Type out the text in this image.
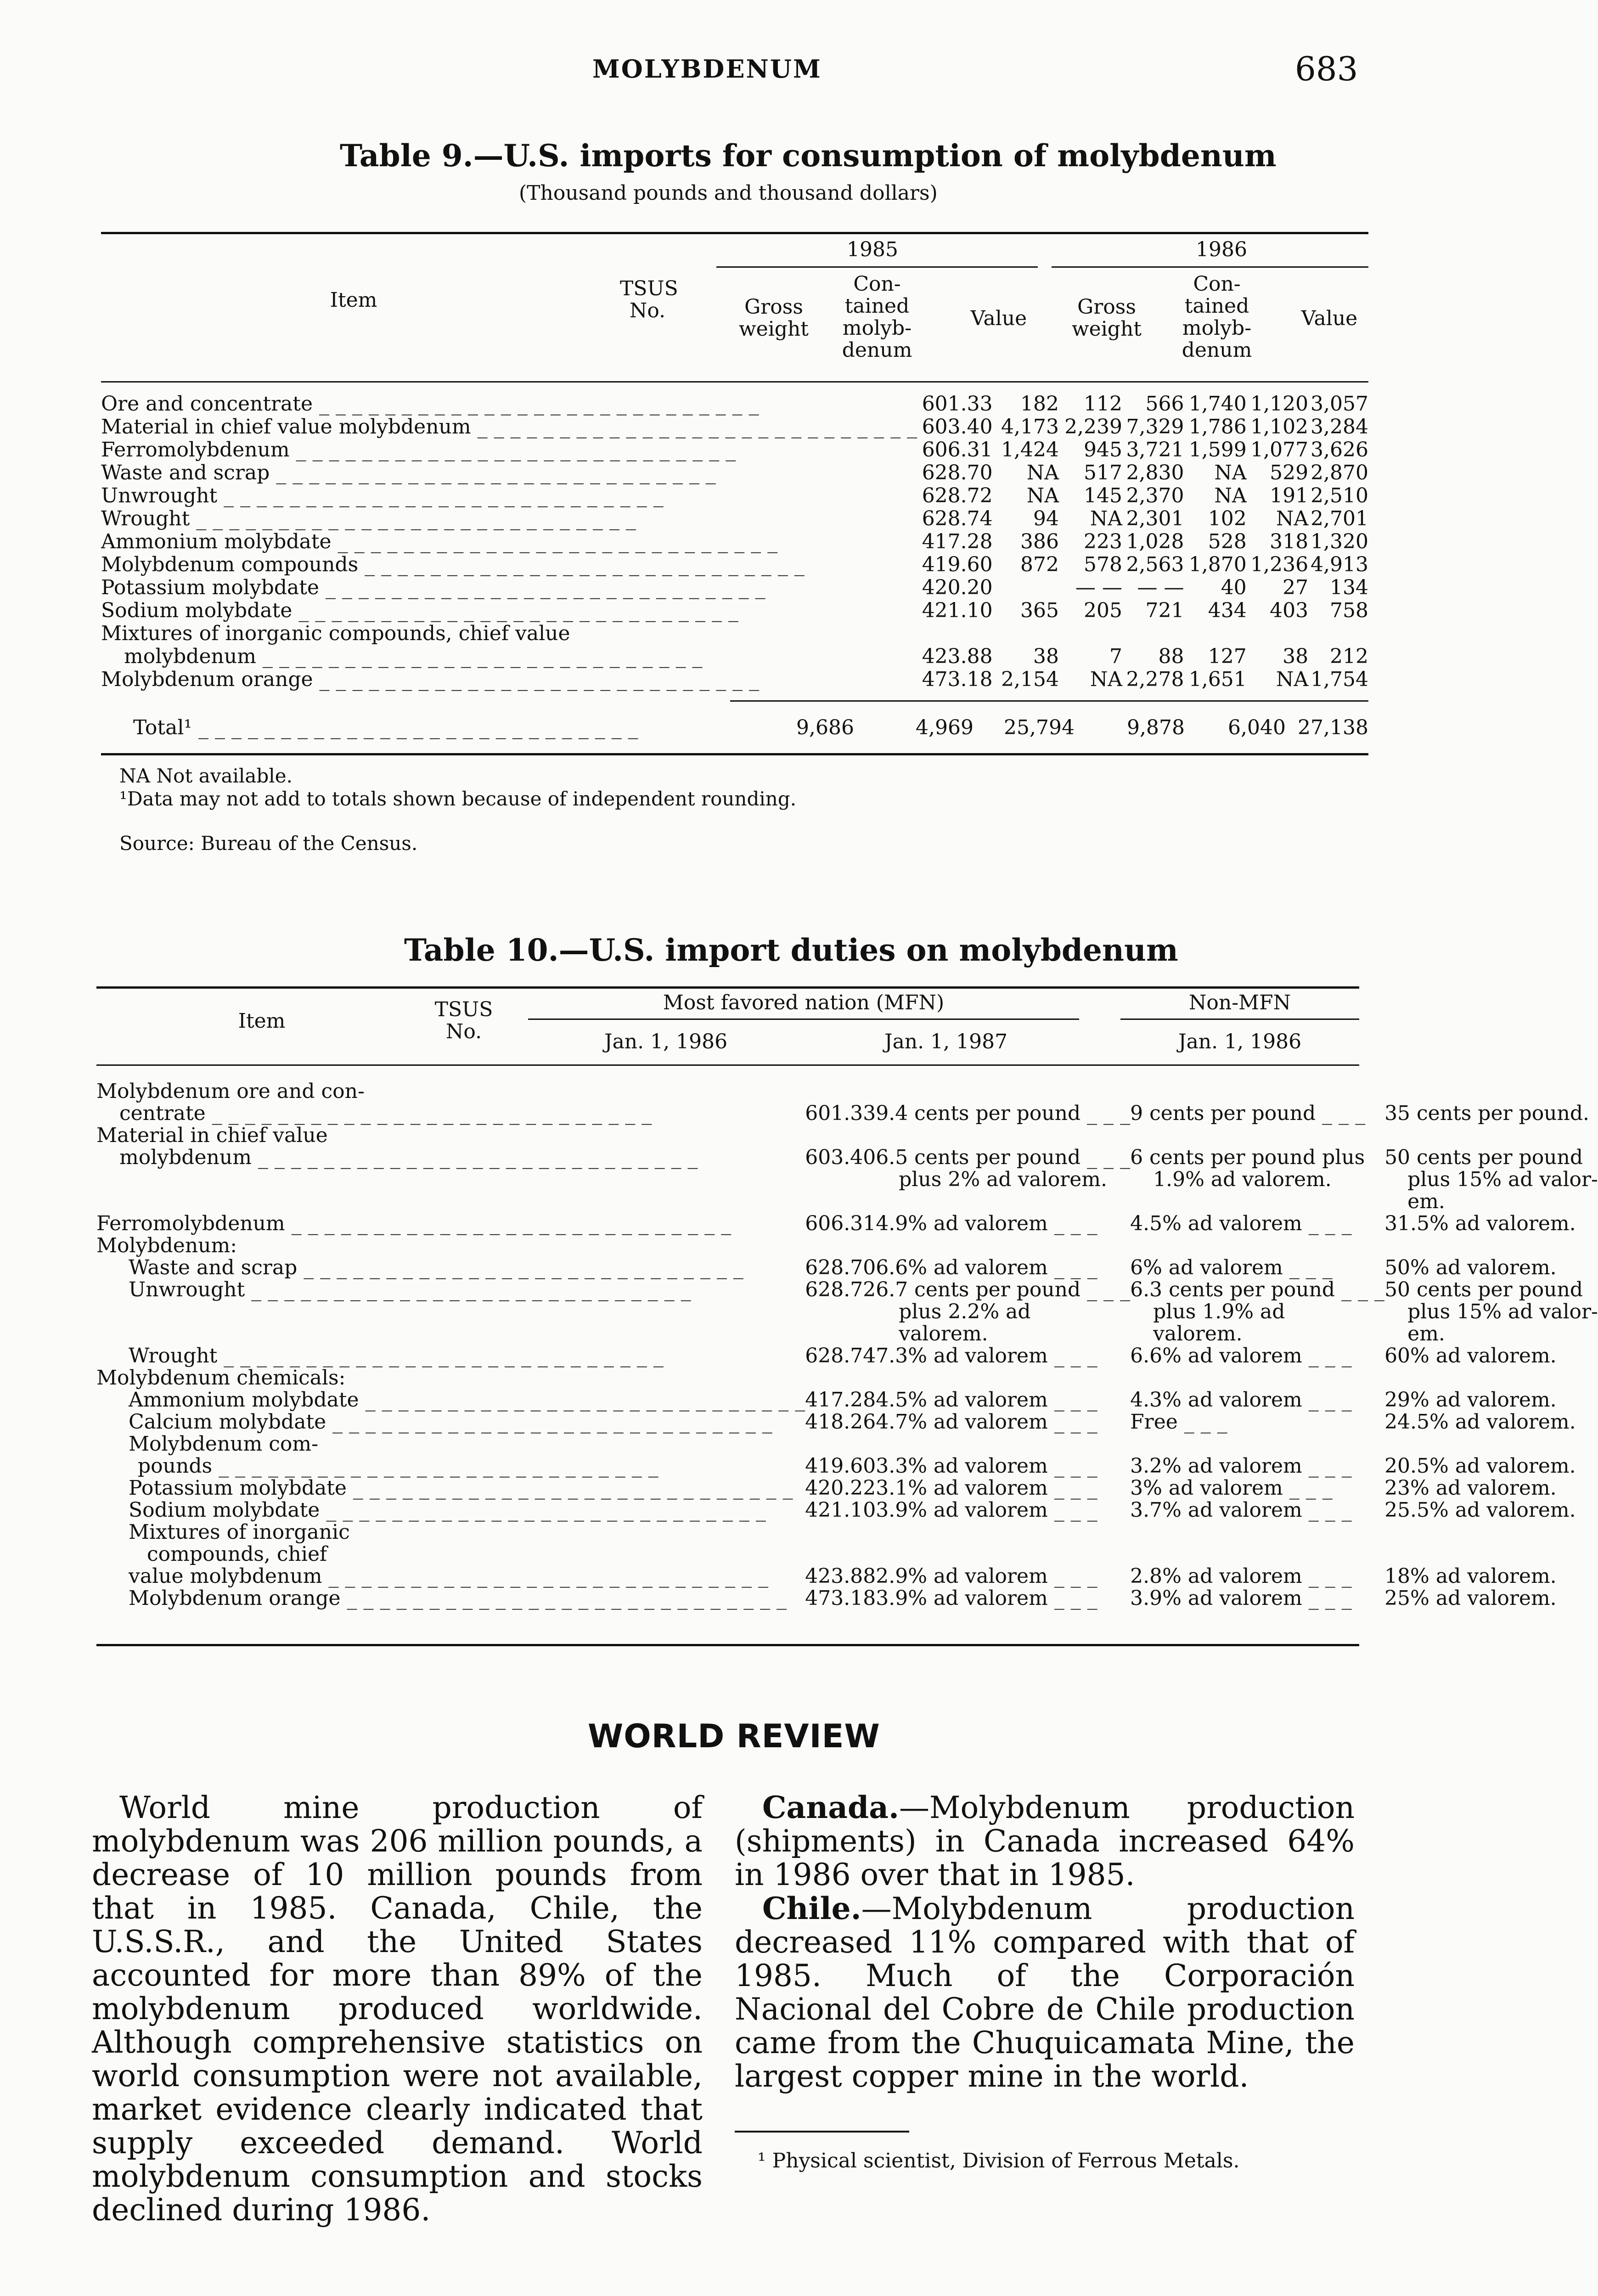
MOLYBDENUM	683
Table 9.—U.S. imports for consumption of molybdenum
(Thousand pounds and thousand dollars)
Item	TSUS No.
1985	1986
Gross weight
Con- tained molyb- denum
Value	Gross weight
Con- tained molyb- denum
Value
Ore and concentrate _ _ _	601.33	182	112	566	1,740	1,120	3,057
Material in chief value molybdenum _ _ _	603.40	4,173	2,239	7,329	1,786	1,102	3,284
Ferromolybdenum _ _ _	606.31	1,424	945	3,721	1,599	1,077	3,626
Waste and scrap _ _ _	628.70	NA	517	2,830	NA	529	2,870
Unwrought _ _ _	628.72	NA	145	2,370	NA	191	2,510
Wrought _ _ _	628.74	94	NA	2,301	102	NA	2,701
Ammonium molybdate _ _ _	417.28	386	223	1,028	528	318	1,320
Molybdenum compounds _ _ _	419.60	872	578	2,563	1,870	1,236	4,913
Potassium molybdate _ _ _	420.20		— —	— —	40	27	134
Sodium molybdate _ _ _	421.10	365	205	721	434	403	758
Mixtures of inorganic compounds, chief value							
molybdenum _ _ _	423.88	38	7	88	127	38	212
Molybdenum orange _ _ _	473.18	2,154	NA	2,278	1,651	NA	1,754
Total¹ _ _ _	9,686	4,969	25,794	9,878	6,040	27,138
NA Not available.
¹Data may not add to totals shown because of independent rounding.
Source: Bureau of the Census.
Table 10.—U.S. import duties on molybdenum
Item	TSUS No.
Most favored nation (MFN)	Non-MFN
Jan. 1, 1986	Jan. 1, 1987	Jan. 1, 1986
Molybdenum ore and con-					
centrate _ _ _	601.33		9.4 cents per pound _ _ _	9 cents per pound _ _ _	35 cents per pound.
Material in chief value					
molybdenum _ _ _	603.40		6.5 cents per pound _ _ _	6 cents per pound plus	50 cents per pound
			plus 2% ad valorem.	1.9% ad valorem.	plus 15% ad valor-
					em.
Ferromolybdenum _ _ _	606.31		4.9% ad valorem _ _ _	4.5% ad valorem _ _ _	31.5% ad valorem.
Molybdenum:					
Waste and scrap _ _ _	628.70		6.6% ad valorem _ _ _	6% ad valorem _ _ _	50% ad valorem.
Unwrought _ _ _	628.72		6.7 cents per pound _ _ _	6.3 cents per pound _ _ _	50 cents per pound
			plus 2.2% ad	plus 1.9% ad	plus 15% ad valor-
			valorem.	valorem.	em.
Wrought _ _ _	628.74		7.3% ad valorem _ _ _	6.6% ad valorem _ _ _	60% ad valorem.
Molybdenum chemicals:					
Ammonium molybdate _ _ _	417.28		4.5% ad valorem _ _ _	4.3% ad valorem _ _ _	29% ad valorem.
Calcium molybdate _ _ _	418.26		4.7% ad valorem _ _ _	Free _ _ _	24.5% ad valorem.
Molybdenum com-					
pounds _ _ _	419.60		3.3% ad valorem _ _ _	3.2% ad valorem _ _ _	20.5% ad valorem.
Potassium molybdate _ _ _	420.22		3.1% ad valorem _ _ _	3% ad valorem _ _ _	23% ad valorem.
Sodium molybdate _ _ _	421.10		3.9% ad valorem _ _ _	3.7% ad valorem _ _ _	25.5% ad valorem.
Mixtures of inorganic					
compounds, chief					
value molybdenum _ _ _	423.88		2.9% ad valorem _ _ _	2.8% ad valorem _ _ _	18% ad valorem.
Molybdenum orange _ _ _	473.18		3.9% ad valorem _ _ _	3.9% ad valorem _ _ _	25% ad valorem.
WORLD REVIEW
World mine production of molybdenum was 206 million pounds, a decrease of 10 million pounds from that in 1985. Canada, Chile, the U.S.S.R., and the United States accounted for more than 89% of the molybdenum produced worldwide. Although comprehensive statistics on world consumption were not available, market evidence clearly indicated that supply exceeded demand. World molybdenum consumption and stocks declined during 1986.
Canada.—Molybdenum production (shipments) in Canada increased 64% in 1986 over that in 1985.
Chile.—Molybdenum production decreased 11% compared with that of 1985. Much of the Corporación Nacional del Cobre de Chile production came from the Chuquicamata Mine, the largest copper mine in the world.
¹ Physical scientist, Division of Ferrous Metals.
